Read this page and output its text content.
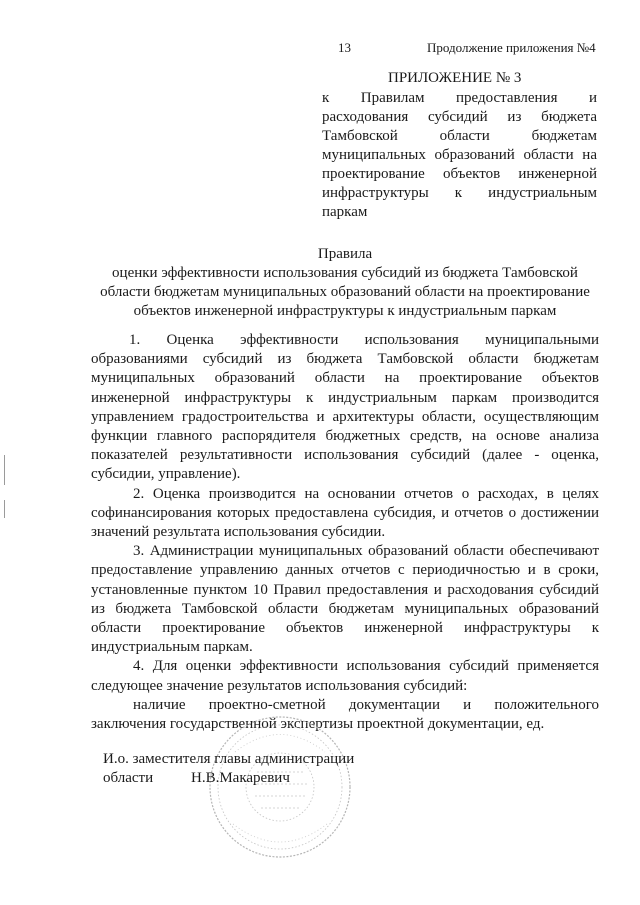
13	Продолжение приложения №4
ПРИЛОЖЕНИЕ № 3
к Правилам предоставления и
расходования субсидий из бюджета
Тамбовской области бюджетам
муниципальных образований области на
проектирование объектов инженерной
инфраструктуры к индустриальным
паркам
Правила
оценки эффективности использования субсидий из бюджета Тамбовской области бюджетам муниципальных образований области на проектирование объектов инженерной инфраструктуры к индустриальным паркам

1. Оценка эффективности использования муниципальными образованиями субсидий из бюджета Тамбовской области бюджетам муниципальных образований области на проектирование объектов инженерной инфраструктуры к индустриальным паркам производится управлением градостроительства и архитектуры области, осуществляющим функции главного распорядителя бюджетных средств, на основе анализа показателей результативности использования субсидий (далее - оценка, субсидии, управление).

2. Оценка производится на основании отчетов о расходах, в целях софинансирования которых предоставлена субсидия, и отчетов о достижении значений результата использования субсидии.

3. Администрации муниципальных образований области обеспечивают предоставление управлению данных отчетов с периодичностью и в сроки, установленные пунктом 10 Правил предоставления и расходования субсидий из бюджета Тамбовской области бюджетам муниципальных образований области проектирование объектов инженерной инфраструктуры к индустриальным паркам.

4. Для оценки эффективности использования субсидий применяется следующее значение результатов использования субсидий:

наличие проектно-сметной документации и положительного
заключения государственной экспертизы проектной документации, ед.

И.о. заместителя главы администрации
области	Н.В.Макаревич
